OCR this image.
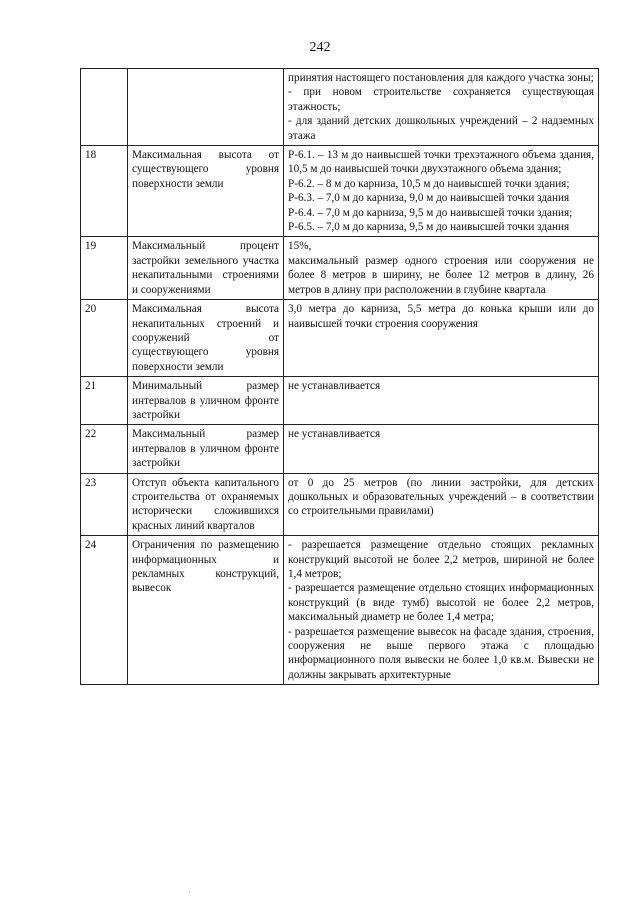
242

		принятия настоящего постановления для каждого участка зоны;
- при новом строительстве сохраняется существующая этажность;
- для зданий детских дошкольных учреждений – 2 надземных этажа

18	Максимальная высота от существующего уровня поверхности земли	Р-6.1. – 13 м до наивысшей точки трехэтажного объема здания, 10,5 м до наивысшей точки двухэтажного объема здания;
Р-6.2. – 8 м до карниза, 10,5 м до наивысшей точки здания;
Р-6.3. – 7,0 м до карниза, 9,0 м до наивысшей точки здания
Р-6.4. – 7,0 м до карниза, 9,5 м до наивысшей точки здания;
Р-6.5. – 7,0 м до карниза, 9,5 м до наивысшей точки здания

19	Максимальный процент застройки земельного участка некапитальными строениями и сооружениями	15%,
максимальный размер одного строения или сооружения не более 8 метров в ширину, не более 12 метров в длину, 26 метров в длину при расположении в глубине квартала

20	Максимальная высота некапитальных строений и сооружений от существующего уровня поверхности земли	3,0 метра до карниза, 5,5 метра до конька крыши или до наивысшей точки строения сооружения

21	Минимальный размер интервалов в уличном фронте застройки	не устанавливается

22	Максимальный размер интервалов в уличном фронте застройки	не устанавливается

23	Отступ объекта капитального строительства от охраняемых исторически сложившихся красных линий кварталов	от 0 до 25 метров (по линии застройки, для детских дошкольных и образовательных учреждений – в соответствии со строительными правилами)

24	Ограничения по размещению информационных и рекламных конструкций, вывесок	- разрешается размещение отдельно стоящих рекламных конструкций высотой не более 2,2 метров, шириной не более 1,4 метров;
- разрешается размещение отдельно стоящих информационных конструкций (в виде тумб) высотой не более 2,2 метров, максимальный диаметр не более 1,4 метра;
- разрешается размещение вывесок на фасаде здания, строения, сооружения не выше первого этажа с площадью информационного поля вывески не более 1,0 кв.м. Вывески не должны закрывать архитектурные
·
